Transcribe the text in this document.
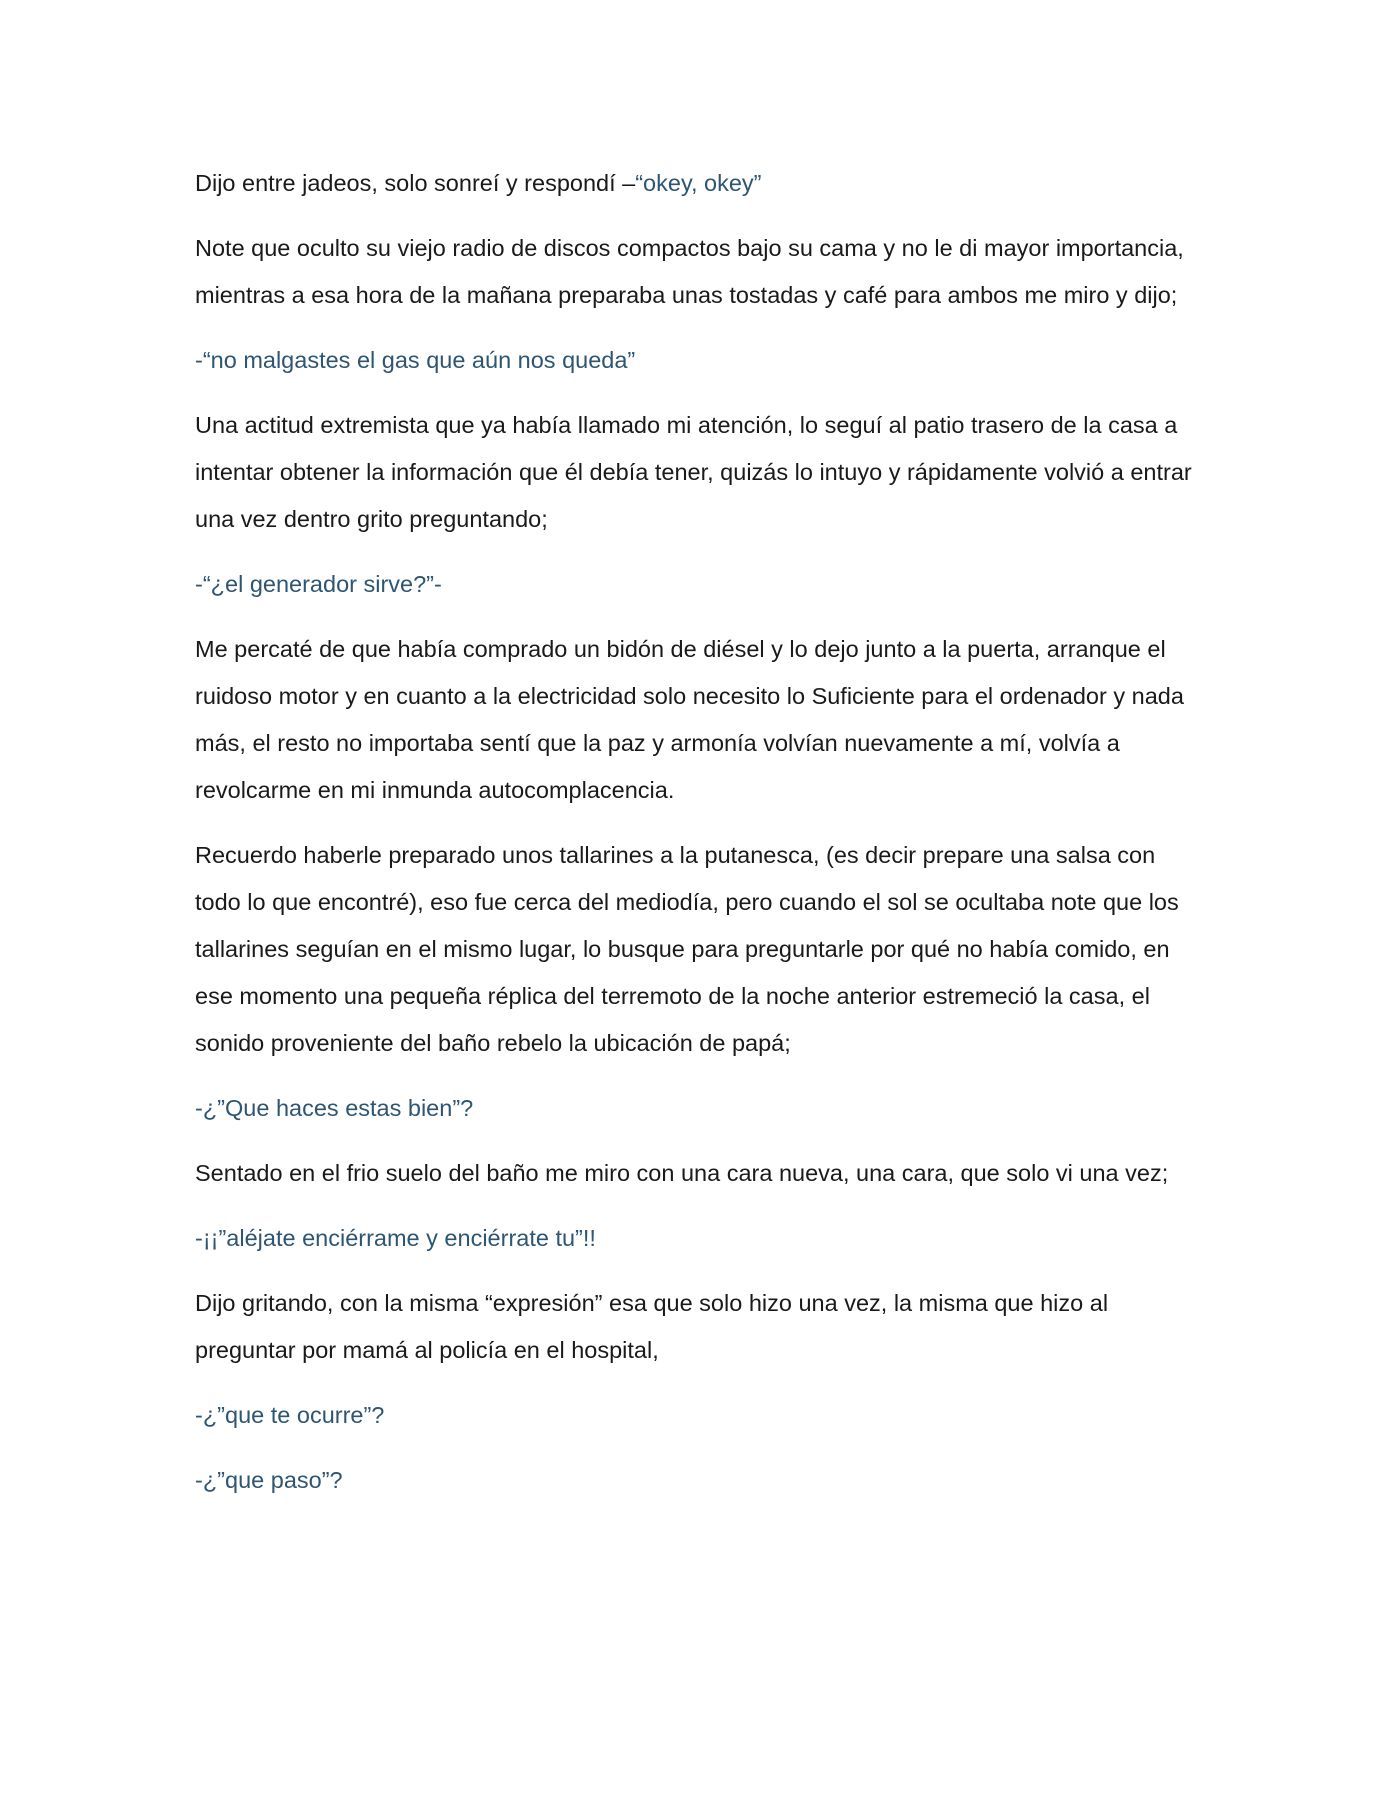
Dijo entre jadeos, solo sonreí y respondí –“okey, okey”

Note que oculto su viejo radio de discos compactos bajo su cama y no le di mayor importancia, mientras a esa hora de la mañana preparaba unas tostadas y café para ambos me miro y dijo;

-“no malgastes el gas que aún nos queda”

Una actitud extremista que ya había llamado mi atención, lo seguí al patio trasero de la casa a intentar obtener la información que él debía tener, quizás lo intuyo y rápidamente volvió a entrar una vez dentro grito preguntando;

-“¿el generador sirve?”-

Me percaté de que había comprado un bidón de diésel y lo dejo junto a la puerta, arranque el ruidoso motor y en cuanto a la electricidad solo necesito lo Suficiente para el ordenador y nada más, el resto no importaba sentí que la paz y armonía volvían nuevamente a mí, volvía a revolcarme en mi inmunda autocomplacencia.

Recuerdo haberle preparado unos tallarines a la putanesca, (es decir prepare una salsa con todo lo que encontré), eso fue cerca del mediodía, pero cuando el sol se ocultaba note que los tallarines seguían en el mismo lugar, lo busque para preguntarle por qué no había comido, en ese momento una pequeña réplica del terremoto de la noche anterior estremeció la casa, el sonido proveniente del baño rebelo la ubicación de papá;

-¿”Que haces estas bien”?

Sentado en el frio suelo del baño me miro con una cara nueva, una cara, que solo vi una vez;

-¡¡”aléjate enciérrame y enciérrate tu”!!

Dijo gritando, con la misma “expresión” esa que solo hizo una vez, la misma que hizo al preguntar por mamá al policía en el hospital,

-¿”que te ocurre”?

-¿”que paso”?
